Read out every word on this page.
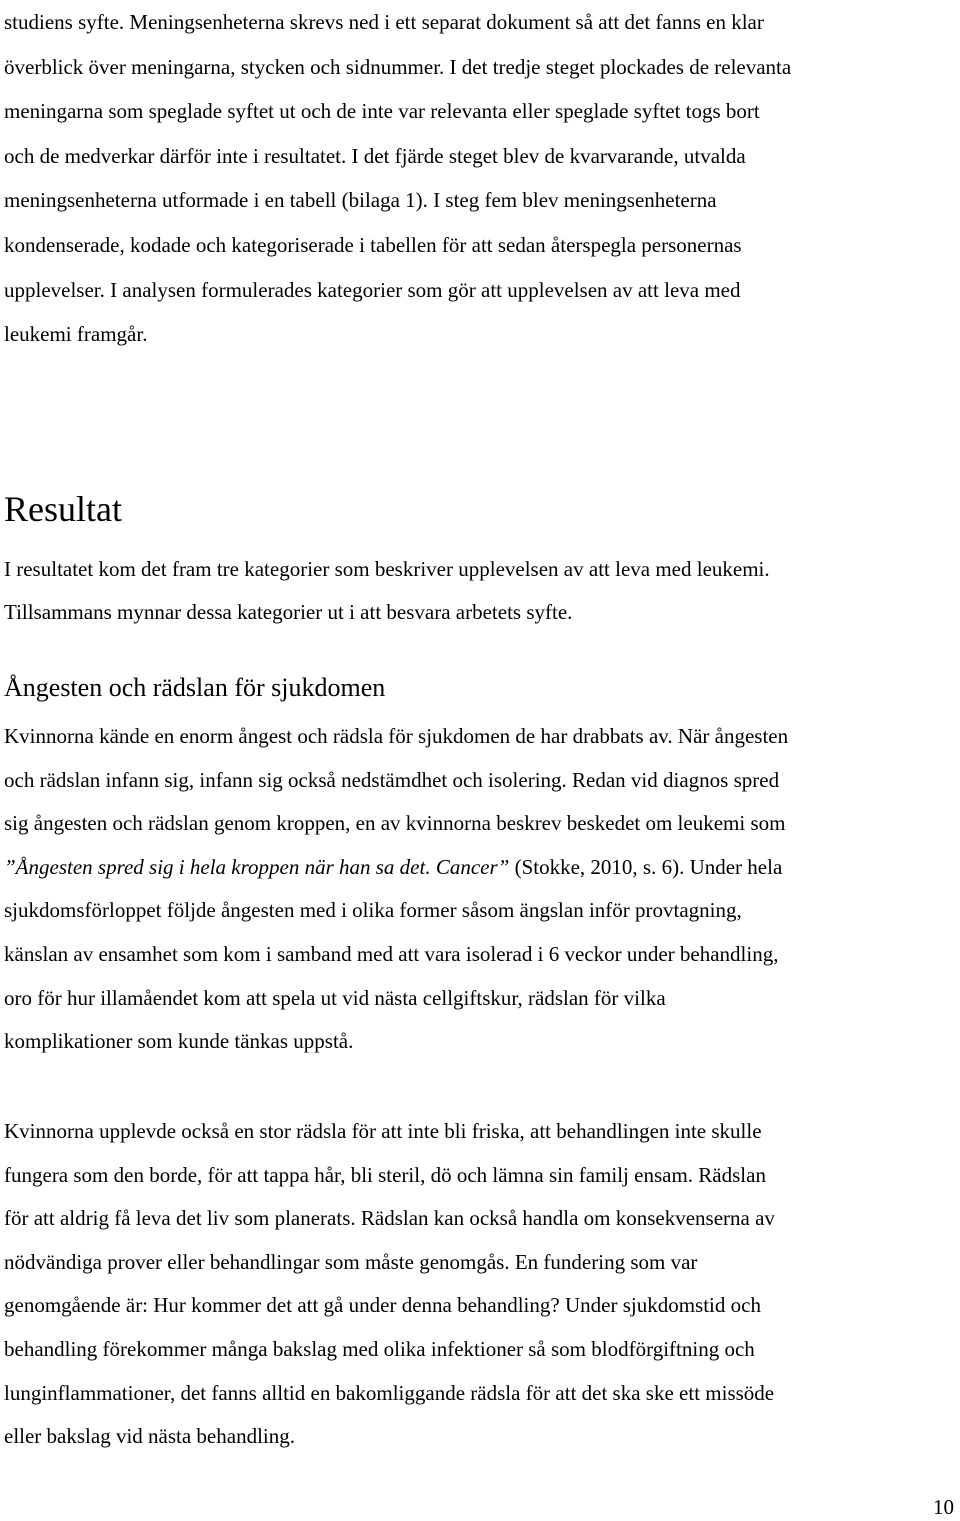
studiens syfte. Meningsenheterna skrevs ned i ett separat dokument så att det fanns en klar
överblick över meningarna, stycken och sidnummer. I det tredje steget plockades de relevanta
meningarna som speglade syftet ut och de inte var relevanta eller speglade syftet togs bort
och de medverkar därför inte i resultatet. I det fjärde steget blev de kvarvarande, utvalda
meningsenheterna utformade i en tabell (bilaga 1). I steg fem blev meningsenheterna
kondenserade, kodade och kategoriserade i tabellen för att sedan återspegla personernas
upplevelser. I analysen formulerades kategorier som gör att upplevelsen av att leva med
leukemi framgår.
Resultat
I resultatet kom det fram tre kategorier som beskriver upplevelsen av att leva med leukemi.
Tillsammans mynnar dessa kategorier ut i att besvara arbetets syfte.
Ångesten och rädslan för sjukdomen
Kvinnorna kände en enorm ångest och rädsla för sjukdomen de har drabbats av. När ångesten
och rädslan infann sig, infann sig också nedstämdhet och isolering. Redan vid diagnos spred
sig ångesten och rädslan genom kroppen, en av kvinnorna beskrev beskedet om leukemi som
”Ångesten spred sig i hela kroppen när han sa det. Cancer” (Stokke, 2010, s. 6). Under hela
sjukdomsförloppet följde ångesten med i olika former såsom ängslan inför provtagning,
känslan av ensamhet som kom i samband med att vara isolerad i 6 veckor under behandling,
oro för hur illamåendet kom att spela ut vid nästa cellgiftskur, rädslan för vilka
komplikationer som kunde tänkas uppstå.
Kvinnorna upplevde också en stor rädsla för att inte bli friska, att behandlingen inte skulle
fungera som den borde, för att tappa hår, bli steril, dö och lämna sin familj ensam. Rädslan
för att aldrig få leva det liv som planerats. Rädslan kan också handla om konsekvenserna av
nödvändiga prover eller behandlingar som måste genomgås. En fundering som var
genomgående är: Hur kommer det att gå under denna behandling? Under sjukdomstid och
behandling förekommer många bakslag med olika infektioner så som blodförgiftning och
lunginflammationer, det fanns alltid en bakomliggande rädsla för att det ska ske ett missöde
eller bakslag vid nästa behandling.
10
